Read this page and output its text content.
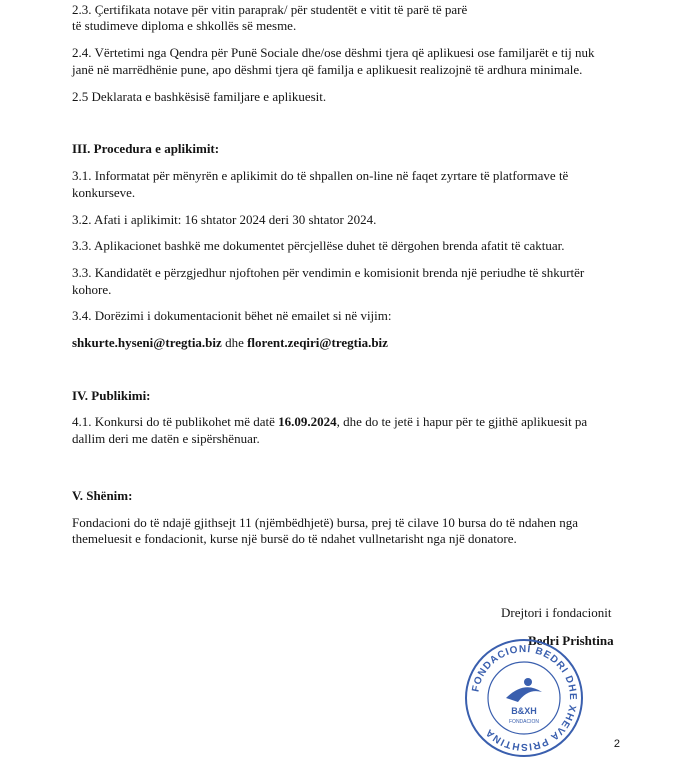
2.3. Çertifikata notave për vitin paraprak/ për studentët e vitit të parë të parë

të studimeve diploma e shkollës së mesme.

2.4. Vërtetimi nga Qendra për Punë Sociale dhe/ose dëshmi tjera që aplikuesi ose familjarët e tij nuk

janë në marrëdhënie pune, apo dëshmi tjera që familja e aplikuesit realizojnë të ardhura minimale.

2.5 Deklarata e bashkësisë familjare e aplikuesit.

III. Procedura e aplikimit:

3.1. Informatat për mënyrën e aplikimit do të shpallen on-line në faqet zyrtare të platformave të

konkurseve.

3.2. Afati i aplikimit: 16 shtator 2024 deri 30 shtator 2024.

3.3. Aplikacionet bashkë me dokumentet përcjellëse duhet të dërgohen brenda afatit të caktuar.

3.3. Kandidatët e përzgjedhur njoftohen për vendimin e komisionit brenda një periudhe të shkurtër

kohore.

3.4. Dorëzimi i dokumentacionit bëhet në emailet si në vijim:

shkurte.hyseni@tregtia.biz dhe florent.zeqiri@tregtia.biz

IV. Publikimi:

4.1. Konkursi do të publikohet më datë 16.09.2024, dhe do te jetë i hapur për te gjithë aplikuesit pa

dallim deri me datën e sipërshënuar.

V. Shënim:

Fondacioni do të ndajë gjithsejt 11 (njëmbëdhjetë) bursa, prej të cilave 10 bursa do të ndahen nga

themeluesit e fondacionit, kurse një bursë do të ndahet vullnetarisht nga një donatore.

Drejtori i fondacionit
Bedri Prishtina
FONDACIONI BEDRI DHE XHEVA PRISHTINA
B&XH
FONDACION
2
